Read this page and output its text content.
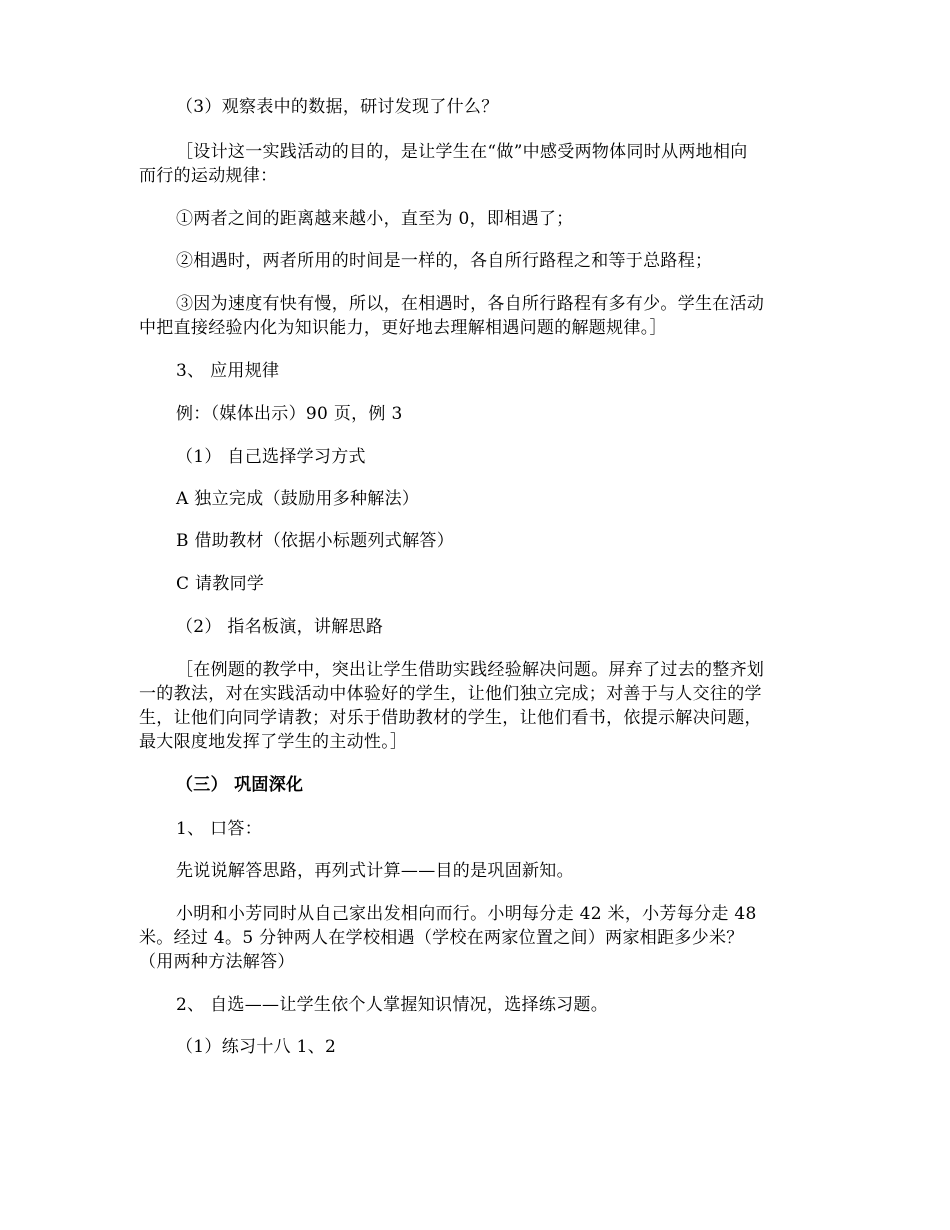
（3）观察表中的数据，研讨发现了什么？
［设计这一实践活动的目的，是让学生在“做”中感受两物体同时从两地相向
而行的运动规律：
①两者之间的距离越来越小，直至为 0，即相遇了；
②相遇时，两者所用的时间是一样的，各自所行路程之和等于总路程；
③因为速度有快有慢，所以，在相遇时，各自所行路程有多有少。学生在活动
中把直接经验内化为知识能力，更好地去理解相遇问题的解题规律。］
3、 应用规律
例：（媒体出示）90 页，例 3
（1） 自己选择学习方式
A 独立完成（鼓励用多种解法）
B 借助教材（依据小标题列式解答）
C 请教同学
（2） 指名板演，讲解思路
［在例题的教学中，突出让学生借助实践经验解决问题。屏弃了过去的整齐划
一的教法，对在实践活动中体验好的学生，让他们独立完成；对善于与人交往的学
生，让他们向同学请教；对乐于借助教材的学生，让他们看书，依提示解决问题，
最大限度地发挥了学生的主动性。］
（三） 巩固深化
1、 口答：
先说说解答思路，再列式计算——目的是巩固新知。
小明和小芳同时从自己家出发相向而行。小明每分走 42 米，小芳每分走 48
米。经过 4。5 分钟两人在学校相遇（学校在两家位置之间）两家相距多少米？
（用两种方法解答）
2、 自选——让学生依个人掌握知识情况，选择练习题。
（1）练习十八 1、2
